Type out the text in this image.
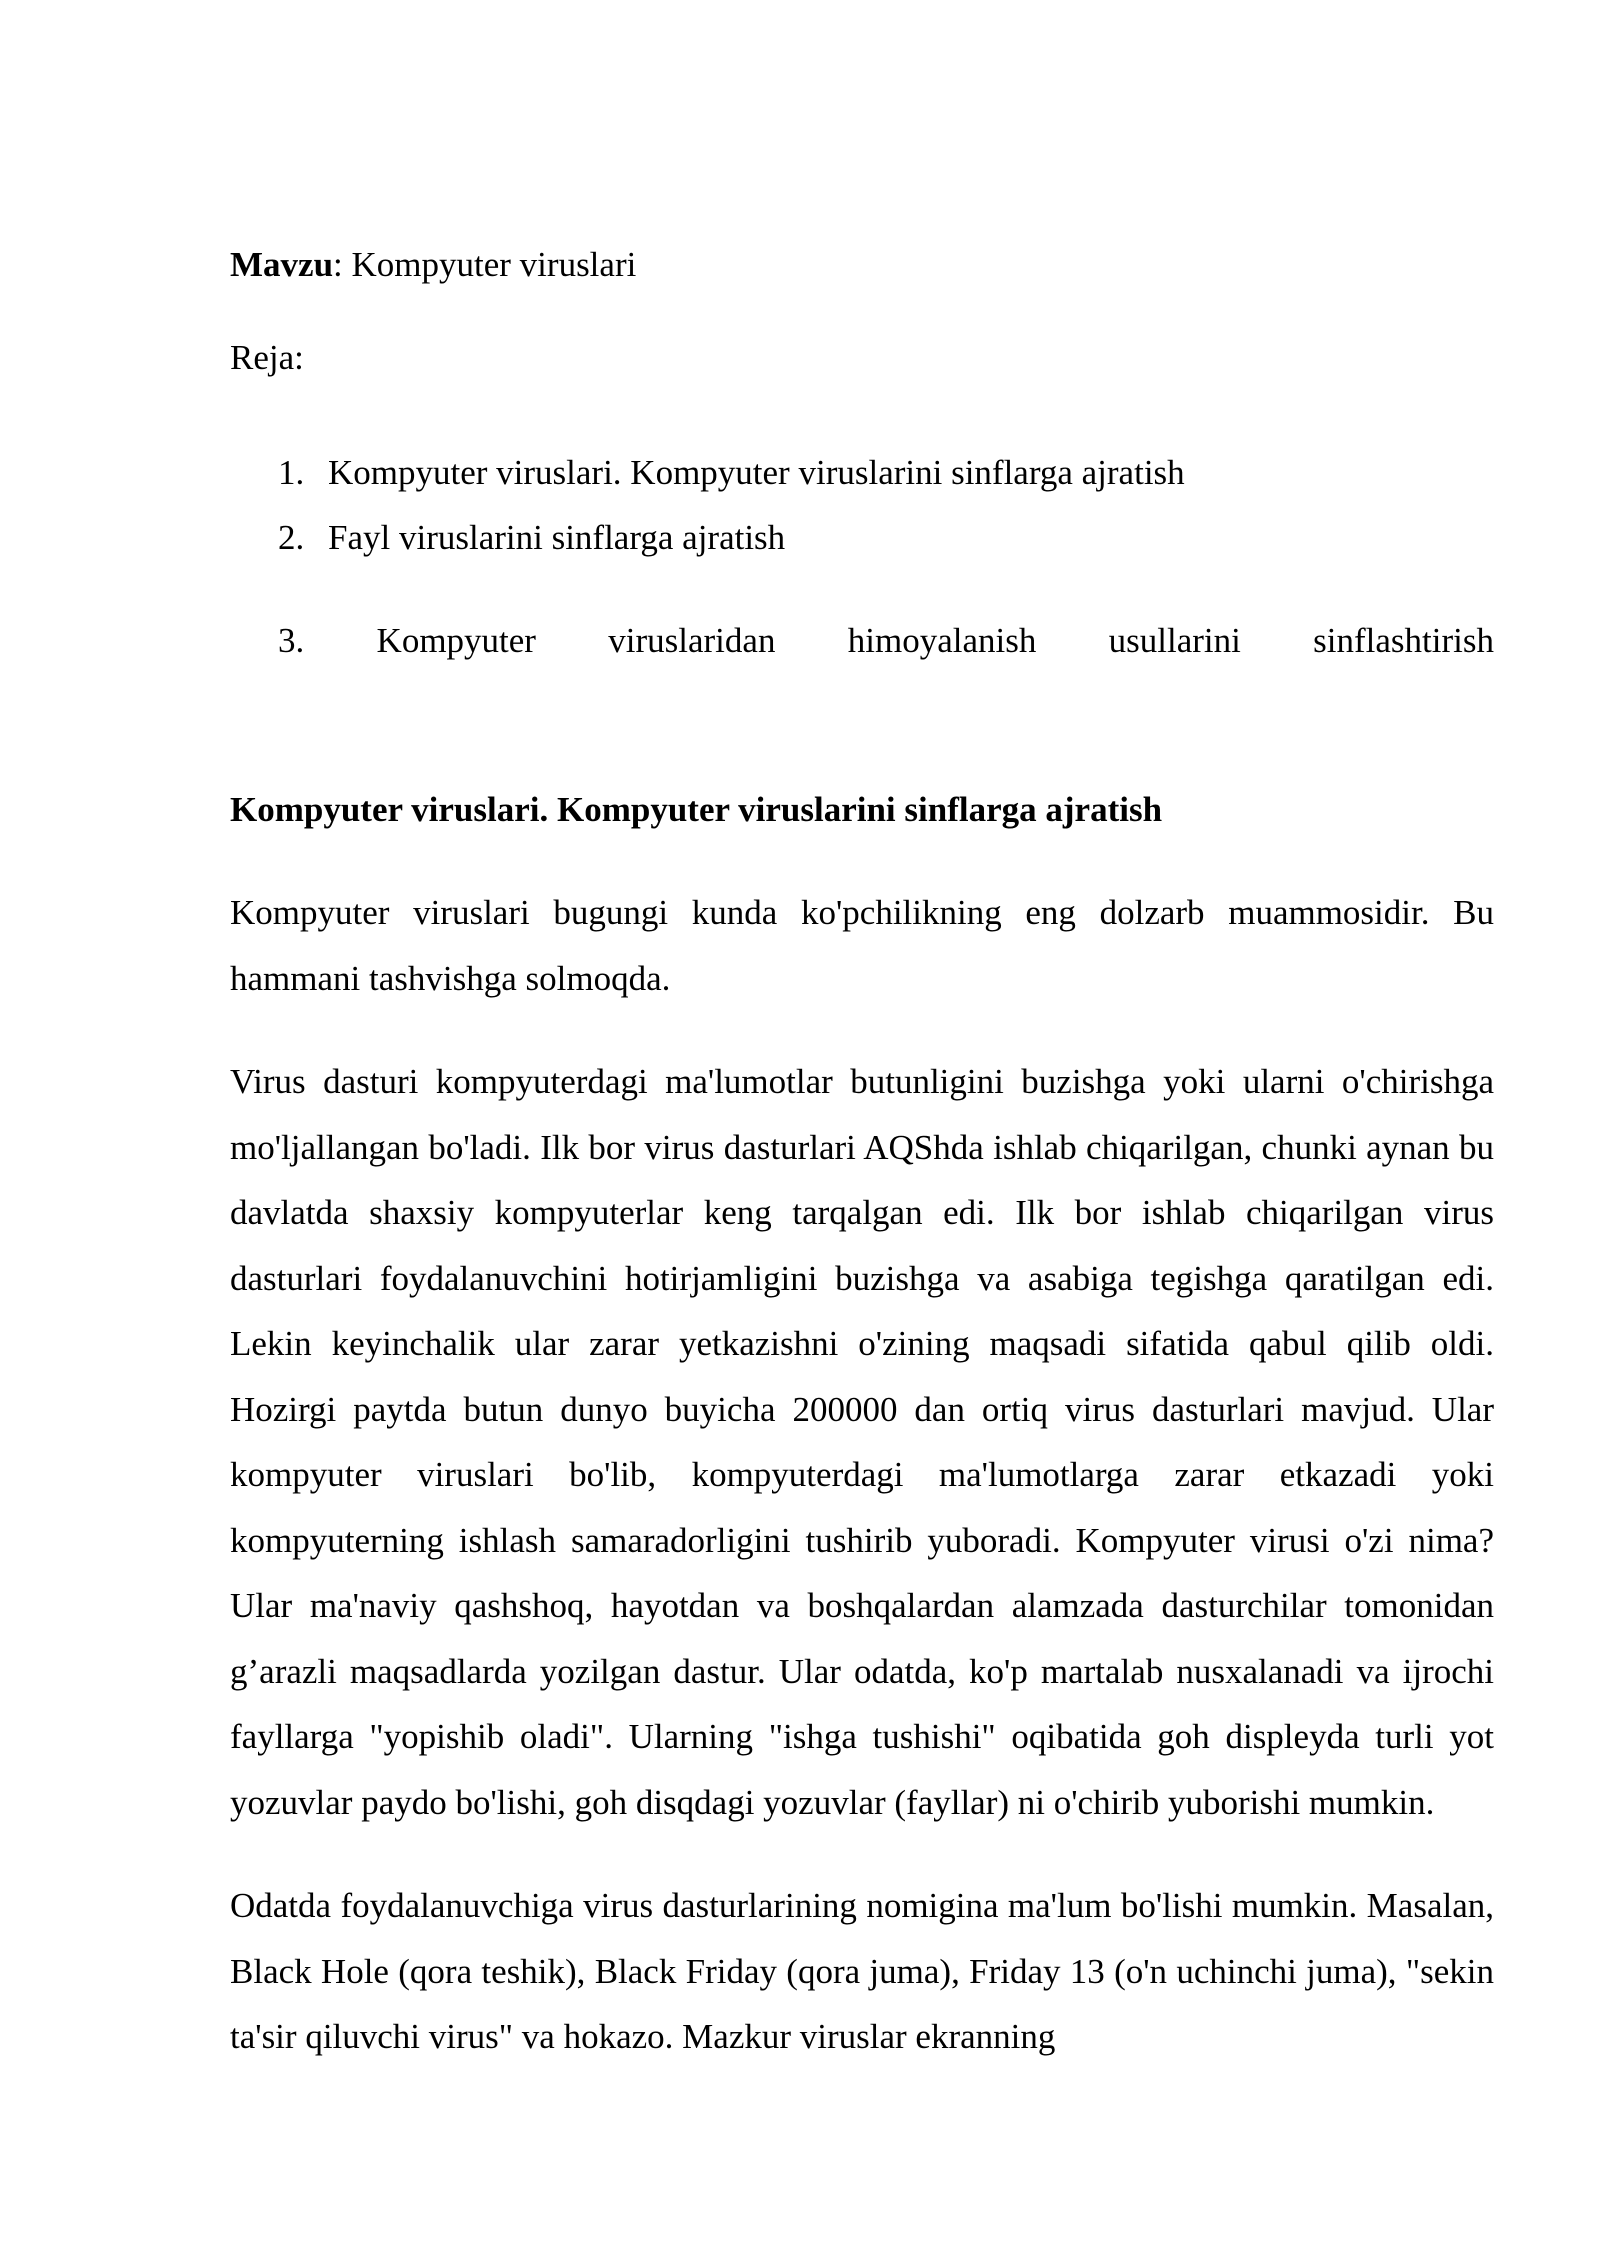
Mavzu: Kompyuter viruslari

Reja:

1. Kompyuter viruslari. Kompyuter viruslarini sinflarga ajratish
2. Fayl viruslarini sinflarga ajratish
3. Kompyuter viruslaridan himoyalanish usullarini sinflashtirish
Kompyuter viruslari. Kompyuter viruslarini sinflarga ajratish

Kompyuter viruslari bugungi kunda ko'pchilikning eng dolzarb muammosidir. Bu hammani tashvishga solmoqda.

Virus dasturi kompyuterdagi ma'lumotlar butunligini buzishga yoki ularni o'chirishga mo'ljallangan bo'ladi. Ilk bor virus dasturlari AQShda ishlab chiqarilgan, chunki aynan bu davlatda shaxsiy kompyuterlar keng tarqalgan edi. Ilk bor ishlab chiqarilgan virus dasturlari foydalanuvchini hotirjamligini buzishga va asabiga tegishga qaratilgan edi. Lekin keyinchalik ular zarar yetkazishni o'zining maqsadi sifatida qabul qilib oldi. Hozirgi paytda butun dunyo buyicha 200000 dan ortiq virus dasturlari mavjud. Ular kompyuter viruslari bo'lib, kompyuterdagi ma'lumotlarga zarar etkazadi yoki kompyuterning ishlash samaradorligini tushirib yuboradi. Kompyuter virusi o'zi nima? Ular ma'naviy qashshoq, hayotdan va boshqalardan alamzada dasturchilar tomonidan g’arazli maqsadlarda yozilgan dastur. Ular odatda, ko'p martalab nusxalanadi va ijrochi fayllarga "yopishib oladi". Ularning "ishga tushishi" oqibatida goh displeyda turli yot yozuvlar paydo bo'lishi, goh disqdagi yozuvlar (fayllar) ni o'chirib yuborishi mumkin.

Odatda foydalanuvchiga virus dasturlarining nomigina ma'lum bo'lishi mumkin. Masalan, Black Hole (qora teshik), Black Friday (qora juma), Friday 13 (o'n uchinchi juma), "sekin ta'sir qiluvchi virus" va hokazo. Mazkur viruslar ekranning
